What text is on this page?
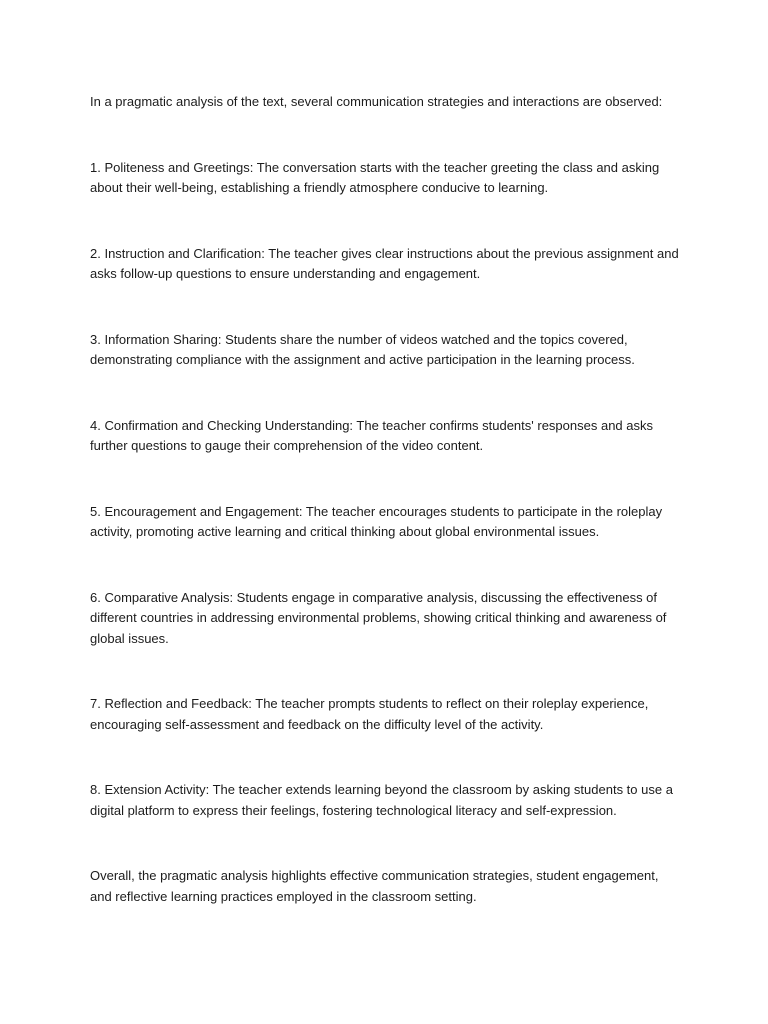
In a pragmatic analysis of the text, several communication strategies and interactions are observed:

1. Politeness and Greetings: The conversation starts with the teacher greeting the class and asking about their well-being, establishing a friendly atmosphere conducive to learning.

2. Instruction and Clarification: The teacher gives clear instructions about the previous assignment and asks follow-up questions to ensure understanding and engagement.

3. Information Sharing: Students share the number of videos watched and the topics covered, demonstrating compliance with the assignment and active participation in the learning process.

4. Confirmation and Checking Understanding: The teacher confirms students' responses and asks further questions to gauge their comprehension of the video content.

5. Encouragement and Engagement: The teacher encourages students to participate in the roleplay activity, promoting active learning and critical thinking about global environmental issues.

6. Comparative Analysis: Students engage in comparative analysis, discussing the effectiveness of different countries in addressing environmental problems, showing critical thinking and awareness of global issues.

7. Reflection and Feedback: The teacher prompts students to reflect on their roleplay experience, encouraging self-assessment and feedback on the difficulty level of the activity.

8. Extension Activity: The teacher extends learning beyond the classroom by asking students to use a digital platform to express their feelings, fostering technological literacy and self-expression.

Overall, the pragmatic analysis highlights effective communication strategies, student engagement, and reflective learning practices employed in the classroom setting.
